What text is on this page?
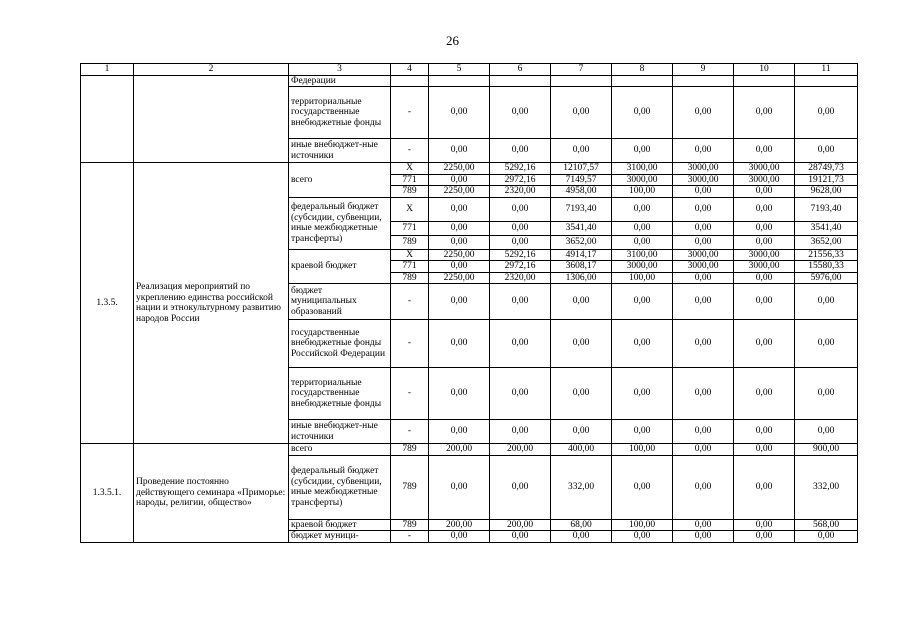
26
1	2	3	4	5	6	7	8	9	10	11
		Федерации								
		территориальные государственные внебюджетные фонды	-	0,00	0,00	0,00	0,00	0,00	0,00	0,00
		иные внебюджет-ные источники	-	0,00	0,00	0,00	0,00	0,00	0,00	0,00
1.3.5.	Реализация мероприятий по укреплению единства российской нации и этнокультурному развитию народов России	всего	X	2250,00	5292,16	12107,57	3100,00	3000,00	3000,00	28749,73
			771	0,00	2972,16	7149,57	3000,00	3000,00	3000,00	19121,73
			789	2250,00	2320,00	4958,00	100,00	0,00	0,00	9628,00
		федеральный бюджет (субсидии, субвенции, иные межбюджетные трансферты)	X	0,00	0,00	7193,40	0,00	0,00	0,00	7193,40
			771	0,00	0,00	3541,40	0,00	0,00	0,00	3541,40
			789	0,00	0,00	3652,00	0,00	0,00	0,00	3652,00
		краевой бюджет	X	2250,00	5292,16	4914,17	3100,00	3000,00	3000,00	21556,33
			771	0,00	2972,16	3608,17	3000,00	3000,00	3000,00	15580,33
			789	2250,00	2320,00	1306,00	100,00	0,00	0,00	5976,00
		бюджет муниципальных образований	-	0,00	0,00	0,00	0,00	0,00	0,00	0,00
		государственные внебюджетные фонды Российской Федерации	-	0,00	0,00	0,00	0,00	0,00	0,00	0,00
		территориальные государственные внебюджетные фонды	-	0,00	0,00	0,00	0,00	0,00	0,00	0,00
		иные внебюджет-ные источники	-	0,00	0,00	0,00	0,00	0,00	0,00	0,00
1.3.5.1.	Проведение постоянно действующего семинара «Приморье: народы, религии, общество»	всего	789	200,00	200,00	400,00	100,00	0,00	0,00	900,00
		федеральный бюджет (субсидии, субвенции, иные межбюджетные трансферты)	789	0,00	0,00	332,00	0,00	0,00	0,00	332,00
		краевой бюджет	789	200,00	200,00	68,00	100,00	0,00	0,00	568,00
		бюджет муници-	-	0,00	0,00	0,00	0,00	0,00	0,00	0,00
